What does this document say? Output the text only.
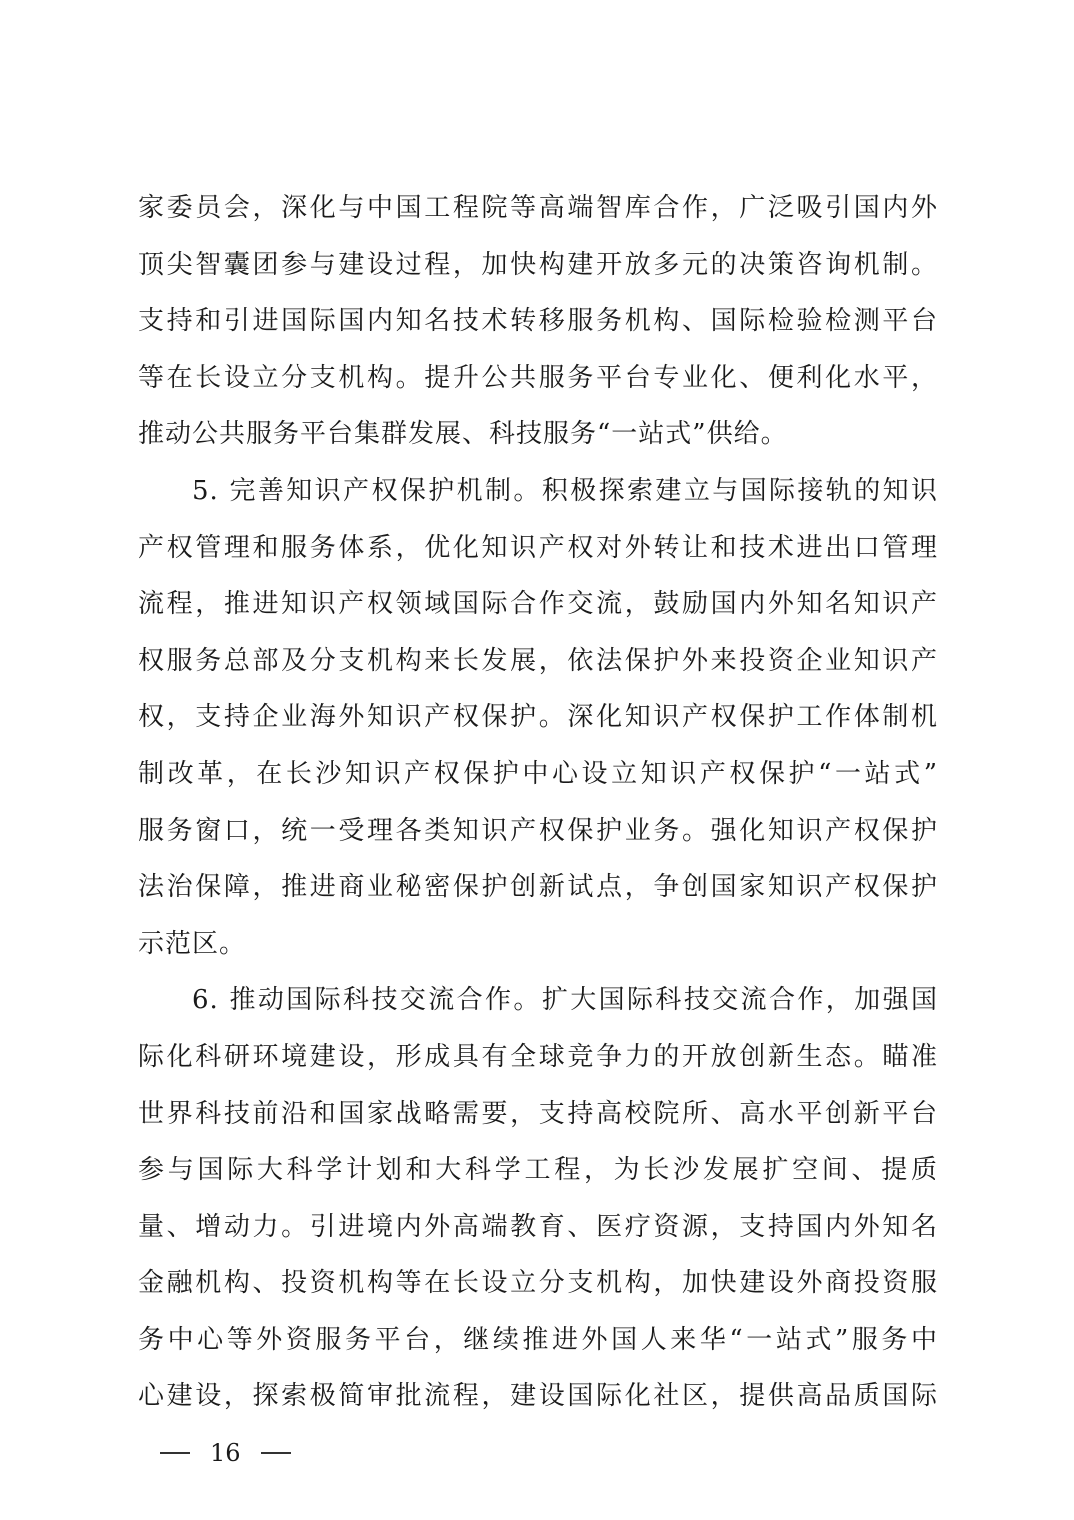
家委员会，深化与中国工程院等高端智库合作，广泛吸引国内外
顶尖智囊团参与建设过程，加快构建开放多元的决策咨询机制。
支持和引进国际国内知名技术转移服务机构、国际检验检测平台
等在长设立分支机构。提升公共服务平台专业化、便利化水平，
推动公共服务平台集群发展、科技服务“一站式”供给。
5. 完善知识产权保护机制。积极探索建立与国际接轨的知识
产权管理和服务体系，优化知识产权对外转让和技术进出口管理
流程，推进知识产权领域国际合作交流，鼓励国内外知名知识产
权服务总部及分支机构来长发展，依法保护外来投资企业知识产
权，支持企业海外知识产权保护。深化知识产权保护工作体制机
制改革，在长沙知识产权保护中心设立知识产权保护“一站式”
服务窗口，统一受理各类知识产权保护业务。强化知识产权保护
法治保障，推进商业秘密保护创新试点，争创国家知识产权保护
示范区。
6. 推动国际科技交流合作。扩大国际科技交流合作，加强国
际化科研环境建设，形成具有全球竞争力的开放创新生态。瞄准
世界科技前沿和国家战略需要，支持高校院所、高水平创新平台
参与国际大科学计划和大科学工程，为长沙发展扩空间、提质
量、增动力。引进境内外高端教育、医疗资源，支持国内外知名
金融机构、投资机构等在长设立分支机构，加快建设外商投资服
务中心等外资服务平台，继续推进外国人来华“一站式”服务中
心建设，探索极简审批流程，建设国际化社区，提供高品质国际
16
